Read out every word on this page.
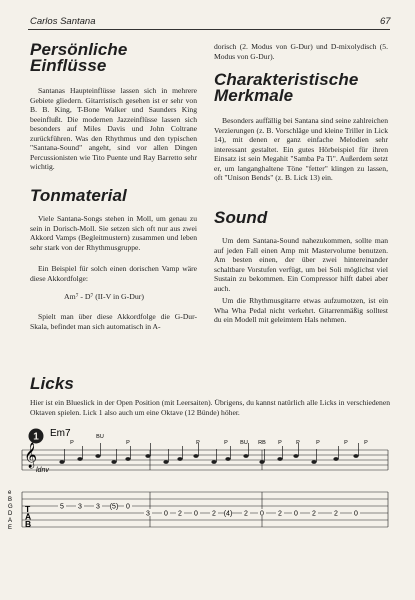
Carlos Santana	67
Persönliche
Einflüsse

Santanas Haupteinflüsse lassen sich in mehrere Gebiete gliedern. Gitarristisch gesehen ist er sehr von B. B. King, T-Bone Walker und Saunders King beeinflußt. Die modernen Jazzeinflüsse lassen sich besonders auf Miles Davis und John Coltrane zurückführen. Was den Rhythmus und den typischen "Santana-Sound" angeht, sind vor allen Dingen Percussionisten wie Tito Puente und Ray Barretto sehr wichtig.

Tonmaterial

Viele Santana-Songs stehen in Moll, um genau zu sein in Dorisch-Moll. Sie setzen sich oft nur aus zwei Akkord Vamps (Begleitmustern) zusammen und leben sehr stark von der Rhythmusgruppe.

Ein Beispiel für solch einen dorischen Vamp wäre diese Akkordfolge:

Am⁷ - D⁷ (II-V in G-Dur)

Spielt man über diese Akkordfolge die G-Dur-Skala, befindet man sich automatisch in A-

dorisch (2. Modus von G-Dur) und D-mixolydisch (5. Modus von G-Dur).

Charakteristische
Merkmale

Besonders auffällig bei Santana sind seine zahlreichen Verzierungen (z. B. Vorschläge und kleine Triller in Lick 14), mit denen er ganz einfache Melodien sehr interessant gestaltet. Ein gutes Hörbeispiel für ihren Einsatz ist sein Megahit "Samba Pa Ti". Außerdem setzt er, um langanghaltene Töne "fetter" klingen zu lassen, oft "Unison Bends" (z. B. Lick 13) ein.

Sound

Um dem Santana-Sound nahezukommen, sollte man auf jeden Fall einen Amp mit Mastervolume benutzen. Am besten einen, der über zwei hintereinander schaltbare Vorstufen verfügt, um bei Soli möglichst viel Sustain zu bekommen. Ein Compressor hilft dabei aber auch.

Um die Rhythmusgitarre etwas aufzumotzen, ist ein Wha Wha Pedal nicht verkehrt. Gitarrenmäßig solltest du ein Modell mit geleimtem Hals nehmen.

Licks

Hier ist ein Blueslick in der Open Position (mit Leersaiten). Übrigens, du kannst natürlich alle Licks in verschiedenen Oktaven spielen. Lick 1 also auch um eine Oktave (12 Bünde) höher.

1 Em7
𝄞
ldnv
P
BU
P	P	P BU RB P	P	P	P	P
e
B
G
D
A
E
T
A
B
5 3 3 (5) 0
3 0 2 0 2 (4) 2 0 2 0 2	2 0
